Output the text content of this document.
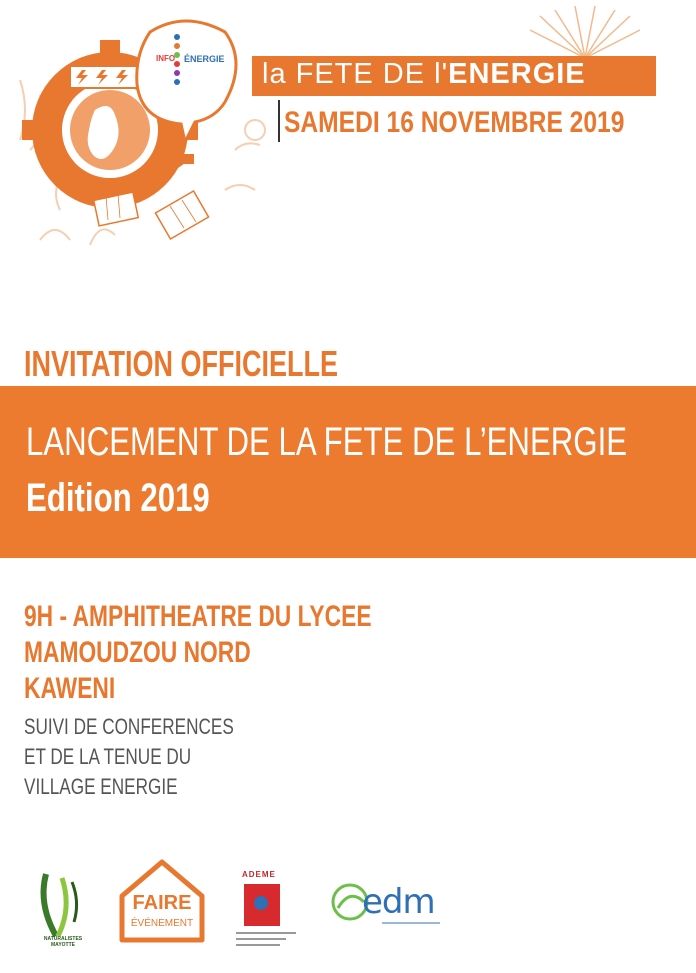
INFO ÉNERGIE la FETE DE l'ENERGIE
SAMEDI 16 NOVEMBRE 2019
INVITATION OFFICIELLE
LANCEMENT DE LA FETE DE L’ENERGIE
Edition 2019
9H - AMPHITHEATRE DU LYCEE
MAMOUDZOU NORD
KAWENI
SUIVI DE CONFERENCES
ET DE LA TENUE DU
VILLAGE ENERGIE
NATURALISTES MAYOTTE
FAIRE
ÉVÉNEMENT
ADEME
edm
